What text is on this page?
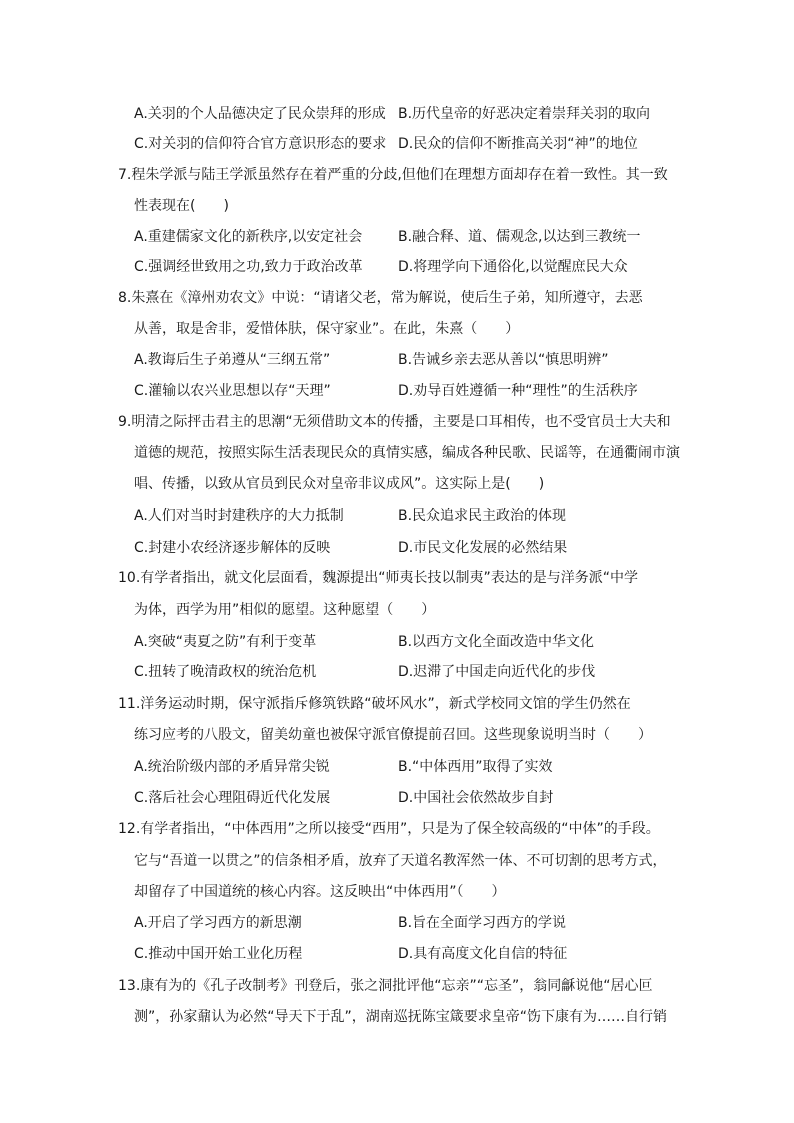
A.关羽的个人品德决定了民众崇拜的形成 B.历代皇帝的好恶决定着崇拜关羽的取向
C.对关羽的信仰符合官方意识形态的要求 D.民众的信仰不断推高关羽“神”的地位
7.程朱学派与陆王学派虽然存在着严重的分歧,但他们在理想方面却存在着一致性。其一致
性表现在(　　)
A.重建儒家文化的新秩序,以安定社会	B.融合释、道、儒观念,以达到三教统一
C.强调经世致用之功,致力于政治改革	D.将理学向下通俗化,以觉醒庶民大众
8.朱熹在《漳州劝农文》中说：“请诸父老，常为解说，使后生子弟，知所遵守，去恶
从善，取是舍非，爱惜体肤，保守家业”。在此，朱熹（　　）
A.教诲后生子弟遵从“三纲五常”	B.告诫乡亲去恶从善以“慎思明辨”
C.灌输以农兴业思想以存“天理”	D.劝导百姓遵循一种“理性”的生活秩序
9.明清之际抨击君主的思潮“无须借助文本的传播，主要是口耳相传，也不受官员士大夫和
道德的规范，按照实际生活表现民众的真情实感，编成各种民歌、民谣等，在通衢闹市演
唱、传播，以致从官员到民众对皇帝非议成风”。这实际上是(　　)
A.人们对当时封建秩序的大力抵制	B.民众追求民主政治的体现
C.封建小农经济逐步解体的反映	D.市民文化发展的必然结果
10.有学者指出，就文化层面看，魏源提出“师夷长技以制夷”表达的是与洋务派“中学
为体，西学为用”相似的愿望。这种愿望（　　）
A.突破“夷夏之防”有利于变革	B.以西方文化全面改造中华文化
C.扭转了晚清政权的统治危机	D.迟滞了中国走向近代化的步伐
11.洋务运动时期，保守派指斥修筑铁路“破坏风水”，新式学校同文馆的学生仍然在
练习应考的八股文，留美幼童也被保守派官僚提前召回。这些现象说明当时（　　）
A.统治阶级内部的矛盾异常尖锐	B.“中体西用”取得了实效
C.落后社会心理阻碍近代化发展	D.中国社会依然故步自封
12.有学者指出，“中体西用”之所以接受“西用”，只是为了保全较高级的“中体”的手段。
它与“吾道一以贯之”的信条相矛盾，放弃了天道名教浑然一体、不可切割的思考方式，
却留存了中国道统的核心内容。这反映出“中体西用”（　　）
A.开启了学习西方的新思潮	B.旨在全面学习西方的学说
C.推动中国开始工业化历程	D.具有高度文化自信的特征
13.康有为的《孔子改制考》刊登后，张之洞批评他“忘亲”“忘圣”，翁同龢说他“居心叵
测”，孙家鼐认为必然“导天下于乱”，湖南巡抚陈宝箴要求皇帝“饬下康有为……自行销
